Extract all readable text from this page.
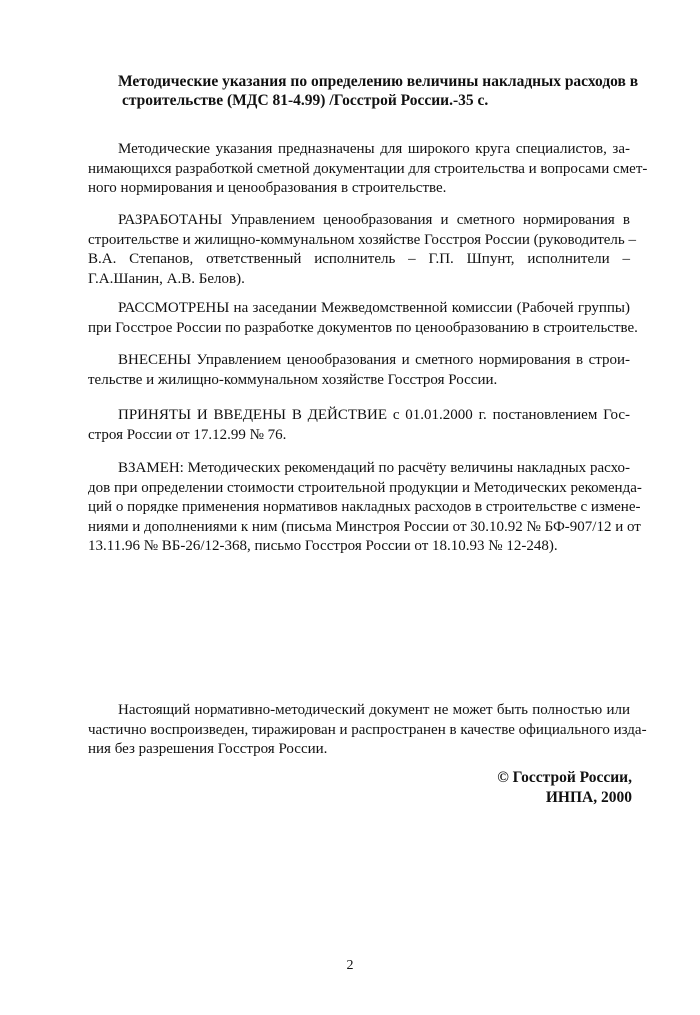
Методические указания по определению величины накладных расходов в
строительстве (МДС 81-4.99) /Госстрой России.-35 с.
Методические указания предназначены для широкого круга специалистов, за-
нимающихся разработкой сметной документации для строительства и вопросами смет-
ного нормирования и ценообразования в строительстве.
РАЗРАБОТАНЫ Управлением ценообразования и сметного нормирования в
строительстве и жилищно-коммунальном хозяйстве Госстроя России (руководитель –
В.А. Степанов, ответственный исполнитель – Г.П. Шпунт, исполнители –
Г.А.Шанин, А.В. Белов).
РАССМОТРЕНЫ на заседании Межведомственной комиссии (Рабочей группы)
при Госстрое России по разработке документов по ценообразованию в строительстве.
ВНЕСЕНЫ Управлением ценообразования и сметного нормирования в строи-
тельстве и жилищно-коммунальном хозяйстве Госстроя России.
ПРИНЯТЫ И ВВЕДЕНЫ В ДЕЙСТВИЕ с 01.01.2000 г. постановлением Гос-
строя России от 17.12.99 № 76.
ВЗАМЕН: Методических рекомендаций по расчёту величины накладных расхо-
дов при определении стоимости строительной продукции и Методических рекоменда-
ций о порядке применения нормативов накладных расходов в строительстве с измене-
ниями и дополнениями к ним (письма Минстроя России от 30.10.92 № БФ-907/12 и от
13.11.96 № ВБ-26/12-368, письмо Госстроя России от 18.10.93 № 12-248).
Настоящий нормативно-методический документ не может быть полностью или
частично воспроизведен, тиражирован и распространен в качестве официального изда-
ния без разрешения Госстроя России.
© Госстрой России,
ИНПА, 2000
2
